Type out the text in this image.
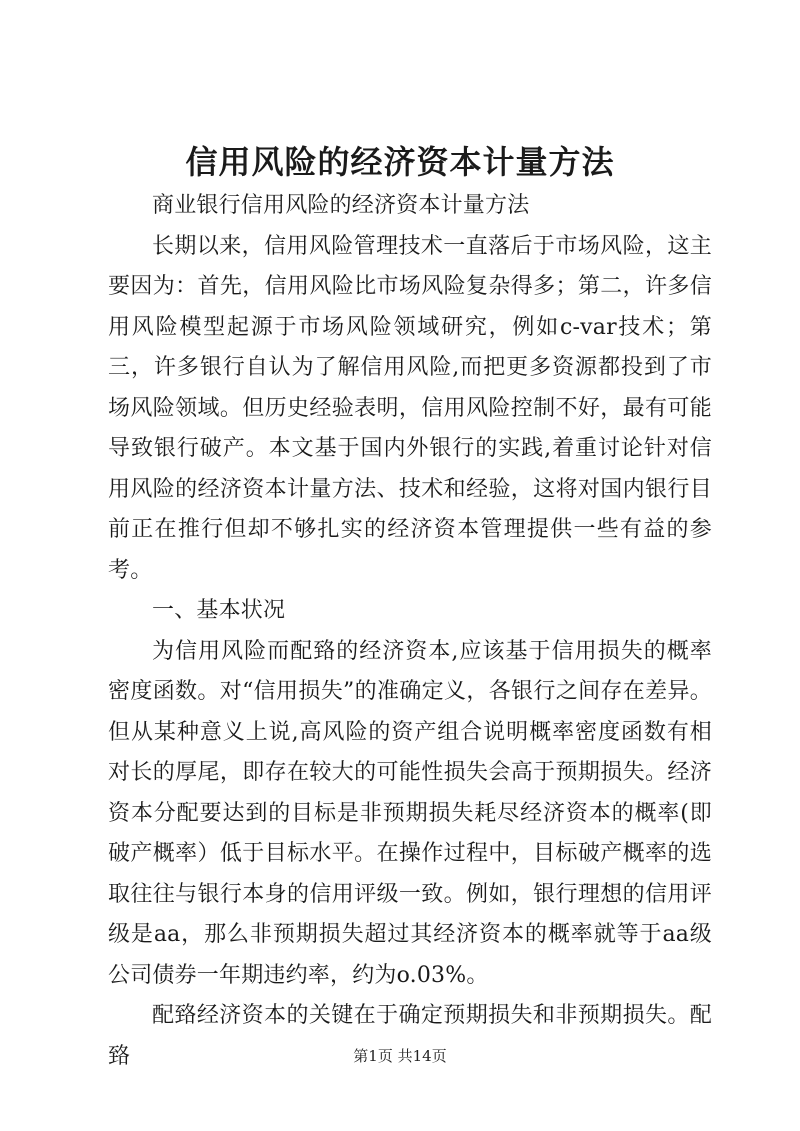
信用风险的经济资本计量方法

商业银行信用风险的经济资本计量方法

长期以来，信用风险管理技术一直落后于市场风险，这主要因为：首先，信用风险比市场风险复杂得多；第二，许多信用风险模型起源于市场风险领域研究，例如c-var技术；第三，许多银行自认为了解信用风险,而把更多资源都投到了市场风险领域。但历史经验表明，信用风险控制不好，最有可能导致银行破产。本文基于国内外银行的实践,着重讨论针对信用风险的经济资本计量方法、技术和经验，这将对国内银行目前正在推行但却不够扎实的经济资本管理提供一些有益的参考。

一、基本状况

为信用风险而配臵的经济资本,应该基于信用损失的概率密度函数。对“信用损失”的准确定义，各银行之间存在差异。但从某种意义上说,高风险的资产组合说明概率密度函数有相对长的厚尾，即存在较大的可能性损失会高于预期损失。经济资本分配要达到的目标是非预期损失耗尽经济资本的概率(即破产概率）低于目标水平。在操作过程中，目标破产概率的选取往往与银行本身的信用评级一致。例如，银行理想的信用评级是aa，那么非预期损失超过其经济资本的概率就等于aa级公司债券一年期违约率，约为o.03%。

配臵经济资本的关键在于确定预期损失和非预期损失。配臵	第1页 共14页
